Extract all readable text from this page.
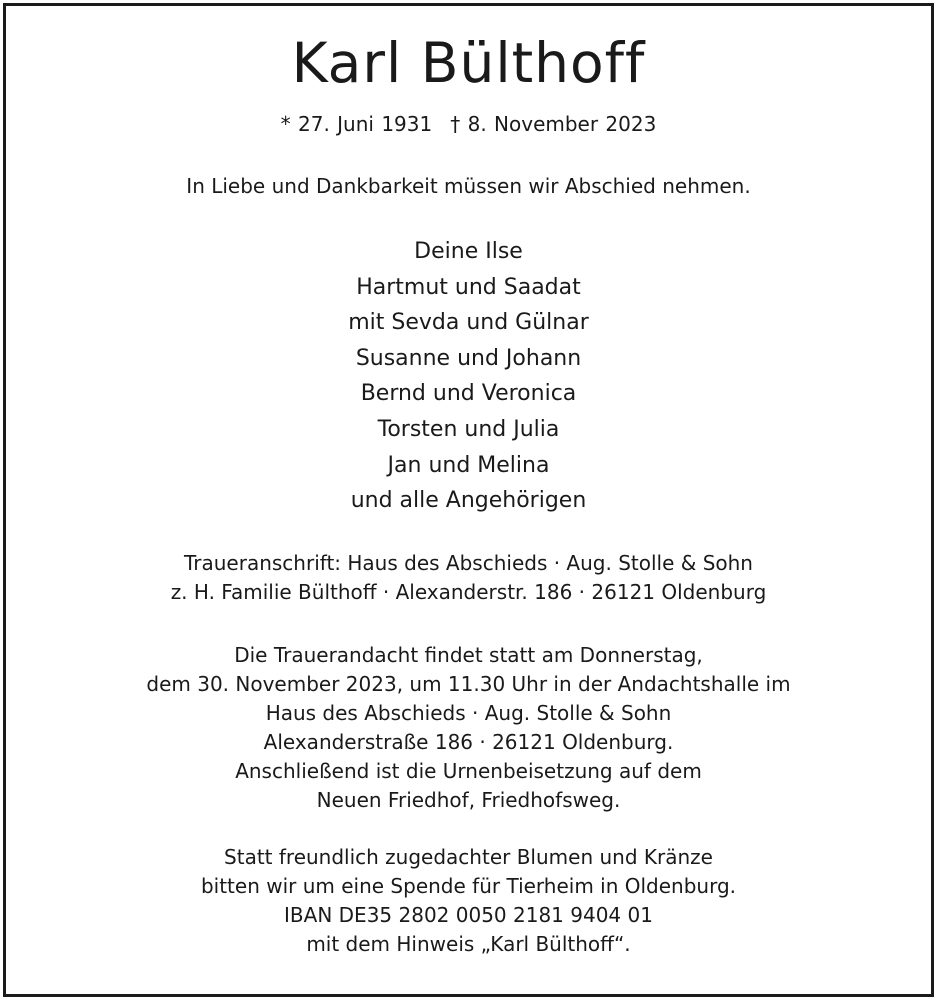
Karl Bülthoff
* 27. Juni 1931 † 8. November 2023
In Liebe und Dankbarkeit müssen wir Abschied nehmen.
Deine Ilse
Hartmut und Saadat
mit Sevda und Gülnar
Susanne und Johann
Bernd und Veronica
Torsten und Julia
Jan und Melina
und alle Angehörigen
Traueranschrift: Haus des Abschieds · Aug. Stolle & Sohn
z. H. Familie Bülthoff · Alexanderstr. 186 · 26121 Oldenburg
Die Trauerandacht findet statt am Donnerstag,
dem 30. November 2023, um 11.30 Uhr in der Andachtshalle im
Haus des Abschieds · Aug. Stolle & Sohn
Alexanderstraße 186 · 26121 Oldenburg.
Anschließend ist die Urnenbeisetzung auf dem
Neuen Friedhof, Friedhofsweg.
Statt freundlich zugedachter Blumen und Kränze
bitten wir um eine Spende für Tierheim in Oldenburg.
IBAN DE35 2802 0050 2181 9404 01
mit dem Hinweis „Karl Bülthoff“.
